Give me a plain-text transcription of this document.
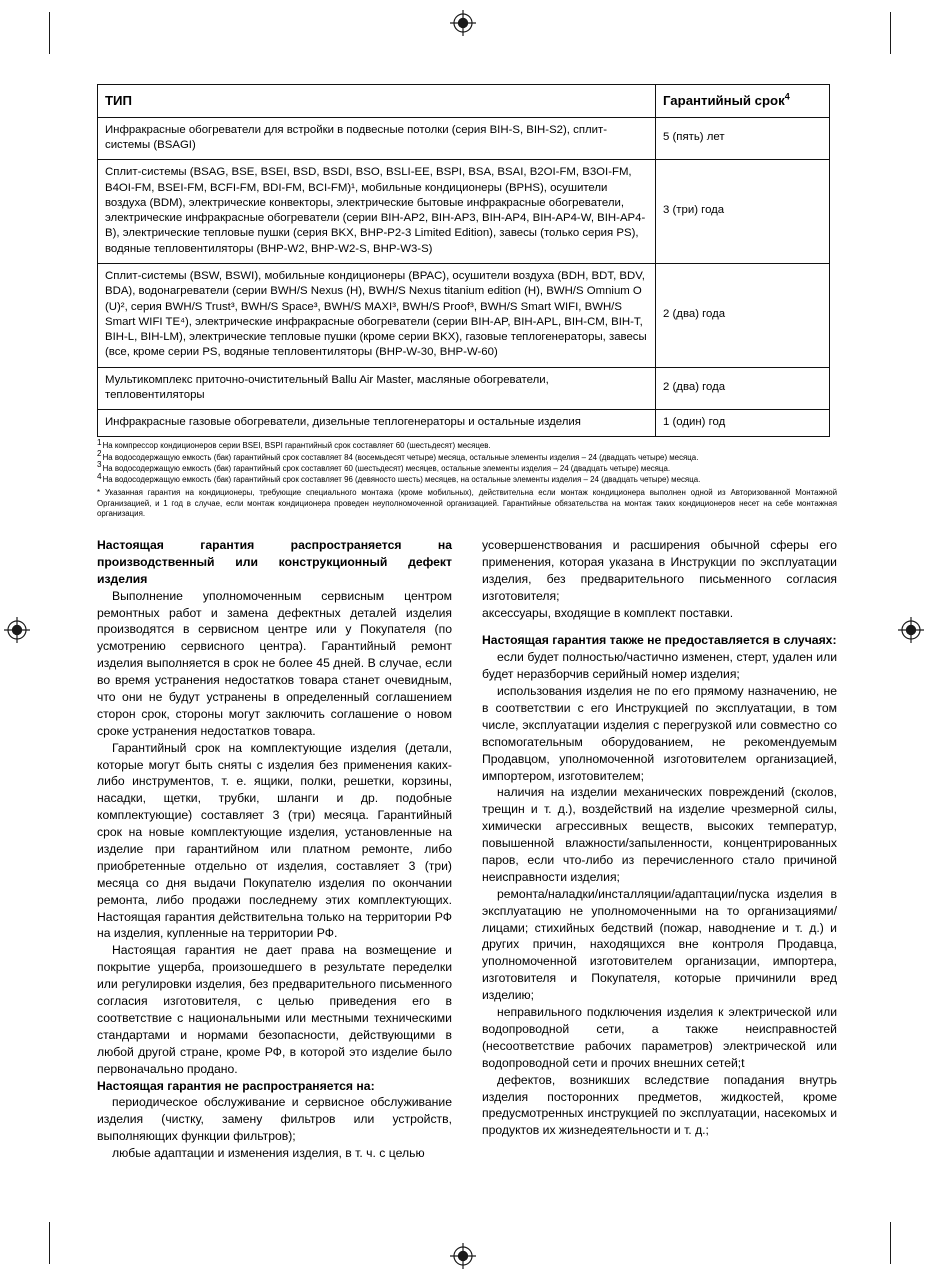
ТИП	Гарантийный срок$^4$
Инфракрасные обогреватели для встройки в подвесные потолки (серия BIH-S, BIH-S2), сплит-системы (BSAGI)	5 (пять) лет
Сплит-системы (BSAG, BSE, BSEI, BSD, BSDI, BSO, BSLI-EE, BSPI, BSA, BSAI, B2OI-FM, B3OI-FM, B4OI-FM, BSEI-FM, BCFI-FM, BDI-FM, BCI-FM)¹, мобильные кондиционеры (BPHS), осушители воздуха (BDM), электрические конвекторы, электрические бытовые инфракрасные обогреватели, электрические инфракрасные обогреватели (серии BIH-AP2, BIH-AP3, BIH-AP4, BIH-AP4-W, BIH-AP4-B), электрические тепловые пушки (серия BKX, BHP-P2-3 Limited Edition), завесы (только серия PS), водяные тепловентиляторы (BHP-W2, BHP-W2-S, BHP-W3-S)	3 (три) года
Сплит-системы (BSW, BSWI), мобильные кондиционеры (BPAC), осушители воздуха (BDH, BDT, BDV, BDA), водонагреватели (серии BWH/S Nexus (H), BWH/S Nexus titanium edition (H), BWH/S Omnium O (U)², серия BWH/S Trust³, BWH/S Space³, BWH/S MAXI³, BWH/S Proof³, BWH/S Smart WIFI, BWH/S Smart WIFI TE⁴), электрические инфракрасные обогреватели (серии BIH-AP, BIH-APL, BIH-CM, BIH-T, BIH-L, BIH-LM), электрические тепловые пушки (кроме серии BKX), газовые теплогенераторы, завесы (все, кроме серии PS, водяные тепловентиляторы (BHP-W-30, BHP-W-60)	2 (два) года
Мультикомплекс приточно-очистительный Ballu Air Master, масляные обогреватели, тепловентиляторы	2 (два) года
Инфракрасные газовые обогреватели, дизельные теплогенераторы и остальные изделия	1 (один) год

1На компрессор кондиционеров серии BSEI, BSPI гарантийный срок составляет 60 (шестьдесят) месяцев.

2На водосодержащую емкость (бак) гарантийный срок составляет 84 (восемьдесят четыре) месяца, остальные элементы изделия – 24 (двадцать четыре) месяца.

3На водосодержащую емкость (бак) гарантийный срок составляет 60 (шестьдесят) месяцев, остальные элементы изделия – 24 (двадцать четыре) месяца.

4На водосодержащую емкость (бак) гарантийный срок составляет 96 (девяносто шесть) месяцев, на остальные элементы изделия – 24 (двадцать четыре) месяца.

* Указанная гарантия на кондиционеры, требующие специального монтажа (кроме мобильных), действительна если монтаж кондиционера выполнен одной из Авторизованной Монтажной Организацией, и 1 год в случае, если монтаж кондиционера проведен неуполномоченной организацией. Гарантийные обязательства на монтаж таких кондиционеров несет на себе монтажная организация.

Настоящая гарантия распространяется на производственный или конструкционный дефект изделия

Выполнение уполномоченным сервисным центром ремонтных работ и замена дефектных деталей изделия производятся в сервисном центре или у Покупателя (по усмотрению сервисного центра). Гарантийный ремонт изделия выполняется в срок не более 45 дней. В случае, если во время устранения недостатков товара станет очевидным, что они не будут устранены в определенный соглашением сторон срок, стороны могут заключить соглашение о новом сроке устранения недостатков товара.

Гарантийный срок на комплектующие изделия (детали, которые могут быть сняты с изделия без применения каких-либо инструментов, т. е. ящики, полки, решетки, корзины, насадки, щетки, трубки, шланги и др. подобные комплектующие) составляет 3 (три) месяца. Гарантийный срок на новые комплектующие изделия, установленные на изделие при гарантийном или платном ремонте, либо приобретенные отдельно от изделия, составляет 3 (три) месяца со дня выдачи Покупателю изделия по окончании ремонта, либо продажи последнему этих комплектующих. Настоящая гарантия действительна только на территории РФ на изделия, купленные на территории РФ.

Настоящая гарантия не дает права на возмещение и покрытие ущерба, произошедшего в результате переделки или регулировки изделия, без предварительного письменного согласия изготовителя, с целью приведения его в соответствие с национальными или местными техническими стандартами и нормами безопасности, действующими в любой другой стране, кроме РФ, в которой это изделие было первоначально продано.

Настоящая гарантия не распространяется на:

периодическое обслуживание и сервисное обслуживание изделия (чистку, замену фильтров или устройств, выполняющих функции фильтров);

любые адаптации и изменения изделия, в т. ч. с целью

усовершенствования и расширения обычной сферы его применения, которая указана в Инструкции по эксплуатации изделия, без предварительного письменного согласия изготовителя;

аксессуары, входящие в комплект поставки.

Настоящая гарантия также не предоставляется в случаях:

если будет полностью/частично изменен, стерт, удален или будет неразборчив серийный номер изделия;

использования изделия не по его прямому назначению, не в соответствии с его Инструкцией по эксплуатации, в том числе, эксплуатации изделия с перегрузкой или совместно со вспомогательным оборудованием, не рекомендуемым Продавцом, уполномоченной изготовителем организацией, импортером, изготовителем;

наличия на изделии механических повреждений (сколов, трещин и т. д.), воздействий на изделие чрезмерной силы, химически агрессивных веществ, высоких температур, повышенной влажности/запыленности, концентрированных паров, если что-либо из перечисленного стало причиной неисправности изделия;

ремонта/наладки/инсталляции/адаптации/пуска изделия в эксплуатацию не уполномоченными на то организациями/лицами; стихийных бедствий (пожар, наводнение и т. д.) и других причин, находящихся вне контроля Продавца, уполномоченной изготовителем организации, импортера, изготовителя и Покупателя, которые причинили вред изделию;

неправильного подключения изделия к электрической или водопроводной сети, а также неисправностей (несоответствие рабочих параметров) электрической или водопроводной сети и прочих внешних сетей;t

дефектов, возникших вследствие попадания внутрь изделия посторонних предметов, жидкостей, кроме предусмотренных инструкцией по эксплуатации, насекомых и продуктов их жизнедеятельности и т. д.;
